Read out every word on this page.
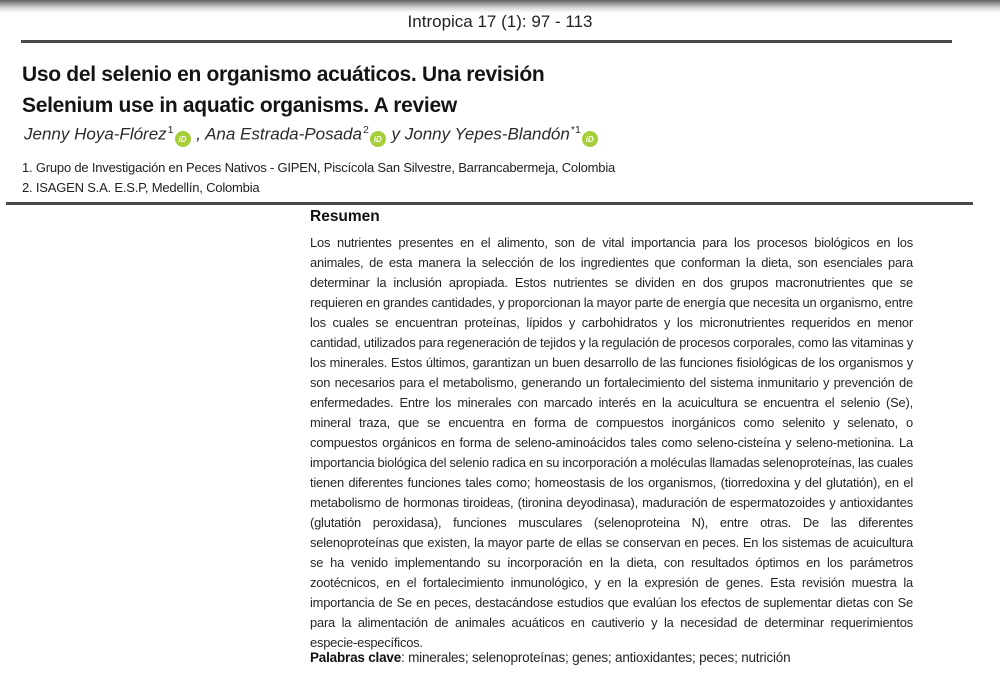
Intropica 17 (1): 97 - 113
Uso del selenio en organismo acuáticos. Una revisión
Selenium use in aquatic organisms. A review
Jenny Hoya-Flórez$^1$iD , Ana Estrada-Posada$^2$iD y Jonny Yepes-Blandón$^{*1}$iD
1. Grupo de Investigación en Peces Nativos - GIPEN, Piscícola San Silvestre, Barrancabermeja, Colombia
2. ISAGEN S.A. E.S.P, Medellín, Colombia
Resumen

Los nutrientes presentes en el alimento, son de vital importancia para los procesos biológicos en los animales, de esta manera la selección de los ingredientes que conforman la dieta, son esenciales para determinar la inclusión apropiada. Estos nutrientes se dividen en dos grupos macronutrientes que se requieren en grandes cantidades, y proporcionan la mayor parte de energía que necesita un organismo, entre los cuales se encuentran proteínas, lípidos y carbohidratos y los micronutrientes requeridos en menor cantidad, utilizados para regeneración de tejidos y la regulación de procesos corporales, como las vitaminas y los minerales. Estos últimos, garantizan un buen desarrollo de las funciones fisiológicas de los organismos y son necesarios para el metabolismo, generando un fortalecimiento del sistema inmunitario y prevención de enfermedades. Entre los minerales con marcado interés en la acuicultura se encuentra el selenio (Se), mineral traza, que se encuentra en forma de compuestos inorgánicos como selenito y selenato, o compuestos orgánicos en forma de seleno-aminoácidos tales como seleno-cisteína y seleno-metionina. La importancia biológica del selenio radica en su incorporación a moléculas llamadas selenoproteínas, las cuales tienen diferentes funciones tales como; homeostasis de los organismos, (tiorredoxina y del glutatión), en el metabolismo de hormonas tiroideas, (tironina deyodinasa), maduración de espermatozoides y antioxidantes (glutatión peroxidasa), funciones musculares (selenoproteina N), entre otras. De las diferentes selenoproteínas que existen, la mayor parte de ellas se conservan en peces. En los sistemas de acuicultura se ha venido implementando su incorporación en la dieta, con resultados óptimos en los parámetros zootécnicos, en el fortalecimiento inmunológico, y en la expresión de genes. Esta revisión muestra la importancia de Se en peces, destacándose estudios que evalúan los efectos de suplementar dietas con Se para la alimentación de animales acuáticos en cautiverio y la necesidad de determinar requerimientos especie-específicos.

Palabras clave: minerales; selenoproteínas; genes; antioxidantes; peces; nutrición
